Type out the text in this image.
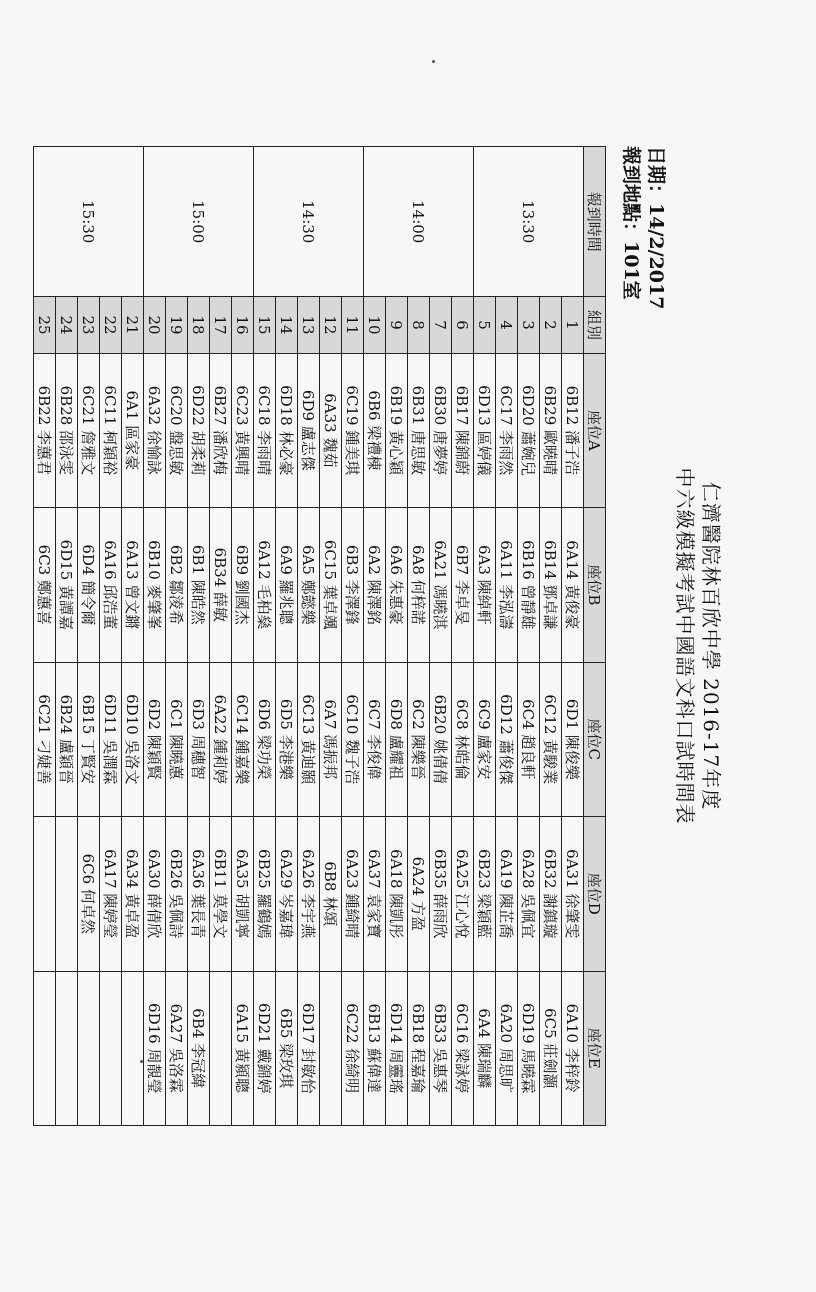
仁濟醫院林百欣中學 2016-17年度
中六級模擬考試中國語文科口試時間表
日期：14/2/2017
報到地點：101室
報到時間	組別	座位A	座位B	座位C	座位D	座位E
13:30	1	6B12 潘子浩	6A14 黃俊豪	6D1 陳俊樂	6A31 徐肇雯	6A10 李梓鈴
	2	6B29 歐曉晴	6B14 鄧卓謙	6C12 黃駿業	6B32 謝鎮璇	6C5 莊劍灝
	3	6D20 蕭婉兒	6B16 曾靜雄	6C4 趙良軒	6A28 吳佩宜	6D19 馬曉霖
	4	6C17 李雨然	6A11 李泓濤	6D12 蕭俊傑	6A19 陳芷喬	6A20 周思旷
	5	6D13 區婷儀	6A3 陳綽軒	6C9 盧家安	6B23 梁穎藍	6A4 陳瑞麟
14:00	6	6B17 陳錦蔚	6B7 李卓旻	6C8 林皓倫	6A25 江心悅	6C16 梁詠婷
	7	6B30 唐夢婷	6A21 馮曉淇	6B20 姚倩倩	6B35 薛雨欣	6B33 吳惠琴
	8	6B31 唐思敏	6A8 何梓諾	6C2 陳樂晉	6A24 方盈	6B18 程嘉瑜
	9	6B19 黃心穎	6A6 朱惠豪	6D8 盧耀祖	6A18 陳凱彤	6D14 周靈瑤
	10	6B6 梁禮棟	6A2 陳澤銘	6C7 李俊偉	6A37 袁家寶	6B13 蘇偉達
14:30	11	6C19 鍾美琪	6B3 李澤鋒	6C10 魏子浩	6A23 鍾綺晴	6C22 徐綺明
	12	6A33 魏茹	6C15 葉卓颯	6A7 馮振邦	6B8 林頌	
	13	6D9 盧志傑	6A5 鄭懿樂	6C13 黃迪顥	6A26 李宇燕	6D17 封敏怡
	14	6D18 林必豪	6A9 羅兆聰	6D5 李港樂	6A29 岑嘉瑋	6B5 梁玫琪
	15	6C18 李雨晴	6A12 毛柏燊	6D6 梁功榮	6B25 羅鶴嫣	6D21 戴錦婷
15:00	16	6C23 黃興晴	6B9 劉國杰	6C14 鍾嘉樂	6A35 胡凱寧	6A15 黃潁聰
	17	6B27 潘欣梅	6B34 薛敏	6A22 鍾莉婷	6B11 莫學文	
	18	6D22 胡柔莉	6B1 陳皓然	6D3 周穗智	6A36 葉長青	6B4 李冠緯
	19	6C20 盤思敏	6B2 鄒淩希	6C1 陳曉蕙	6B26 吳佩詩	6A27 吳洛霖
	20	6A32 徐愉詠	6B10 麥肇峯	6D2 陳穎賢	6A30 薛倩欣	6D16 周靚瑩
15:30	21	6A1 區家豪	6A13 曾文鏘	6D10 吳洛文	6A34 黃卓盈	
	22	6C11 柯穎裕	6A16 邱浩董	6D11 吳潤霖	6A17 陳婷瑩	
	23	6C21 詹雅文	6D4 簡令爾	6B15 丁賢安	6C6 何卓然	
	24	6B28 邵泳雯	6D15 黃譚嘉	6B24 盧穎晉		
	25	6B22 李蕙君	6C3 鄭蕙喜	6C21 刁婕善		
